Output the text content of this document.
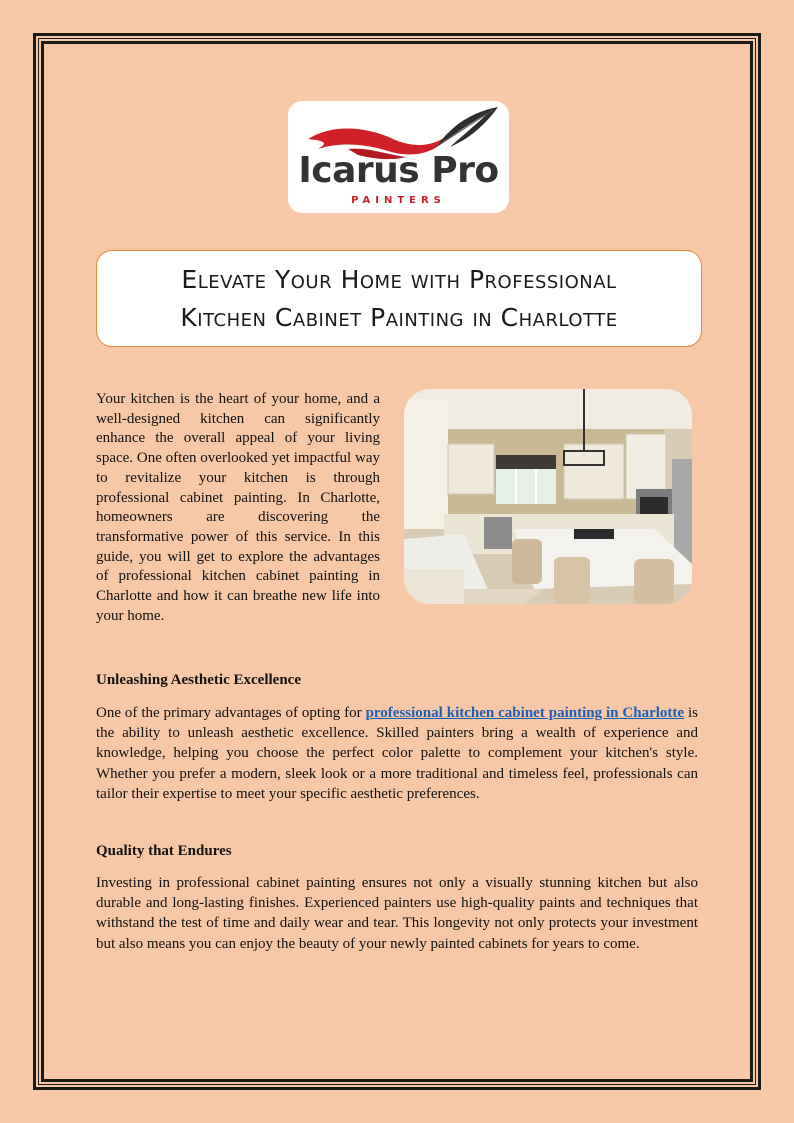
Icarus Pro
PAINTERS
Elevate Your Home with Professional
Kitchen Cabinet Painting in Charlotte

Your kitchen is the heart of your home, and a well-designed kitchen can significantly enhance the overall appeal of your living space. One often overlooked yet impactful way to revitalize your kitchen is through professional cabinet painting. In Charlotte, homeowners are discovering the transformative power of this service. In this guide, you will get to explore the advantages of professional kitchen cabinet painting in Charlotte and how it can breathe new life into your home.

Unleashing Aesthetic Excellence

One of the primary advantages of opting for professional kitchen cabinet painting in Charlotte is the ability to unleash aesthetic excellence. Skilled painters bring a wealth of experience and knowledge, helping you choose the perfect color palette to complement your kitchen's style. Whether you prefer a modern, sleek look or a more traditional and timeless feel, professionals can tailor their expertise to meet your specific aesthetic preferences.

Quality that Endures

Investing in professional cabinet painting ensures not only a visually stunning kitchen but also durable and long-lasting finishes. Experienced painters use high-quality paints and techniques that withstand the test of time and daily wear and tear. This longevity not only protects your investment but also means you can enjoy the beauty of your newly painted cabinets for years to come.
